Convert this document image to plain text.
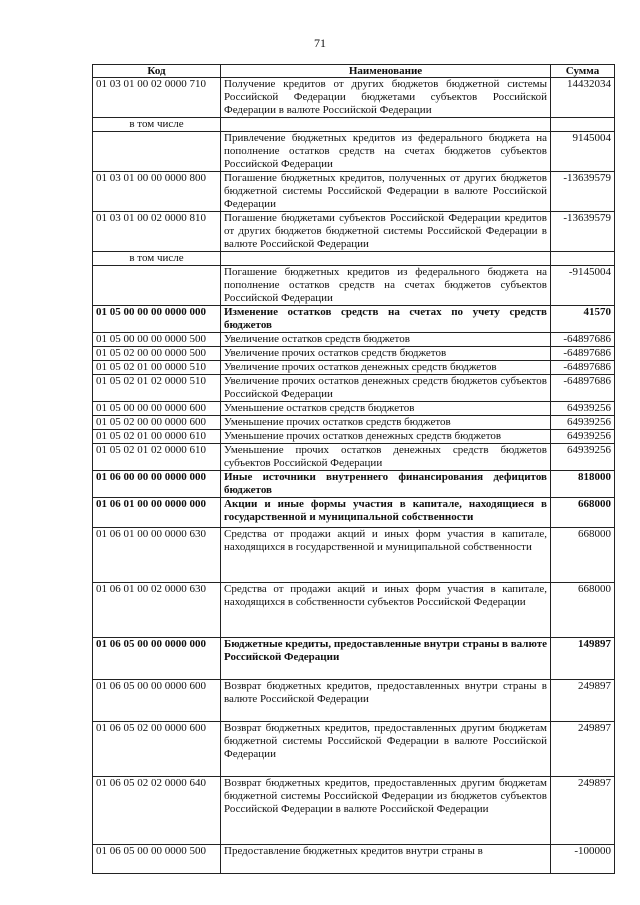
71
Код	Наименование	Сумма
01 03 01 00 02 0000 710	Получение кредитов от других бюджетов бюджетной системы Российской Федерации бюджетами субъектов Российской Федерации в валюте Российской Федерации	14432034
в том числе		
	Привлечение бюджетных кредитов из федерального бюджета на пополнение остатков средств на счетах бюджетов субъектов Российской Федерации	9145004
01 03 01 00 00 0000 800	Погашение бюджетных кредитов, полученных от других бюджетов бюджетной системы Российской Федерации в валюте Российской Федерации	-13639579
01 03 01 00 02 0000 810	Погашение бюджетами субъектов Российской Федерации кредитов от других бюджетов бюджетной системы Российской Федерации в валюте Российской Федерации	-13639579
в том числе		
	Погашение бюджетных кредитов из федерального бюджета на пополнение остатков средств на счетах бюджетов субъектов Российской Федерации	-9145004
01 05 00 00 00 0000 000	Изменение остатков средств на счетах по учету средств бюджетов	41570
01 05 00 00 00 0000 500	Увеличение остатков средств бюджетов	-64897686
01 05 02 00 00 0000 500	Увеличение прочих остатков средств бюджетов	-64897686
01 05 02 01 00 0000 510	Увеличение прочих остатков денежных средств бюджетов	-64897686
01 05 02 01 02 0000 510	Увеличение прочих остатков денежных средств бюджетов субъектов Российской Федерации	-64897686
01 05 00 00 00 0000 600	Уменьшение остатков средств бюджетов	64939256
01 05 02 00 00 0000 600	Уменьшение прочих остатков средств бюджетов	64939256
01 05 02 01 00 0000 610	Уменьшение прочих остатков денежных средств бюджетов	64939256
01 05 02 01 02 0000 610	Уменьшение прочих остатков денежных средств бюджетов субъектов Российской Федерации	64939256
01 06 00 00 00 0000 000	Иные источники внутреннего финансирования дефицитов бюджетов	818000
01 06 01 00 00 0000 000	Акции и иные формы участия в капитале, находящиеся в государственной и муниципальной собственности	668000
01 06 01 00 00 0000 630	Средства от продажи акций и иных форм участия в капитале, находящихся в государственной и муниципальной собственности	668000
01 06 01 00 02 0000 630	Средства от продажи акций и иных форм участия в капитале, находящихся в собственности субъектов Российской Федерации	668000
01 06 05 00 00 0000 000	Бюджетные кредиты, предоставленные внутри страны в валюте Российской Федерации	149897
01 06 05 00 00 0000 600	Возврат бюджетных кредитов, предоставленных внутри страны в валюте Российской Федерации	249897
01 06 05 02 00 0000 600	Возврат бюджетных кредитов, предоставленных другим бюджетам бюджетной системы Российской Федерации в валюте Российской Федерации	249897
01 06 05 02 02 0000 640	Возврат бюджетных кредитов, предоставленных другим бюджетам бюджетной системы Российской Федерации из бюджетов субъектов Российской Федерации в валюте Российской Федерации	249897
01 06 05 00 00 0000 500	Предоставление бюджетных кредитов внутри страны в	-100000
